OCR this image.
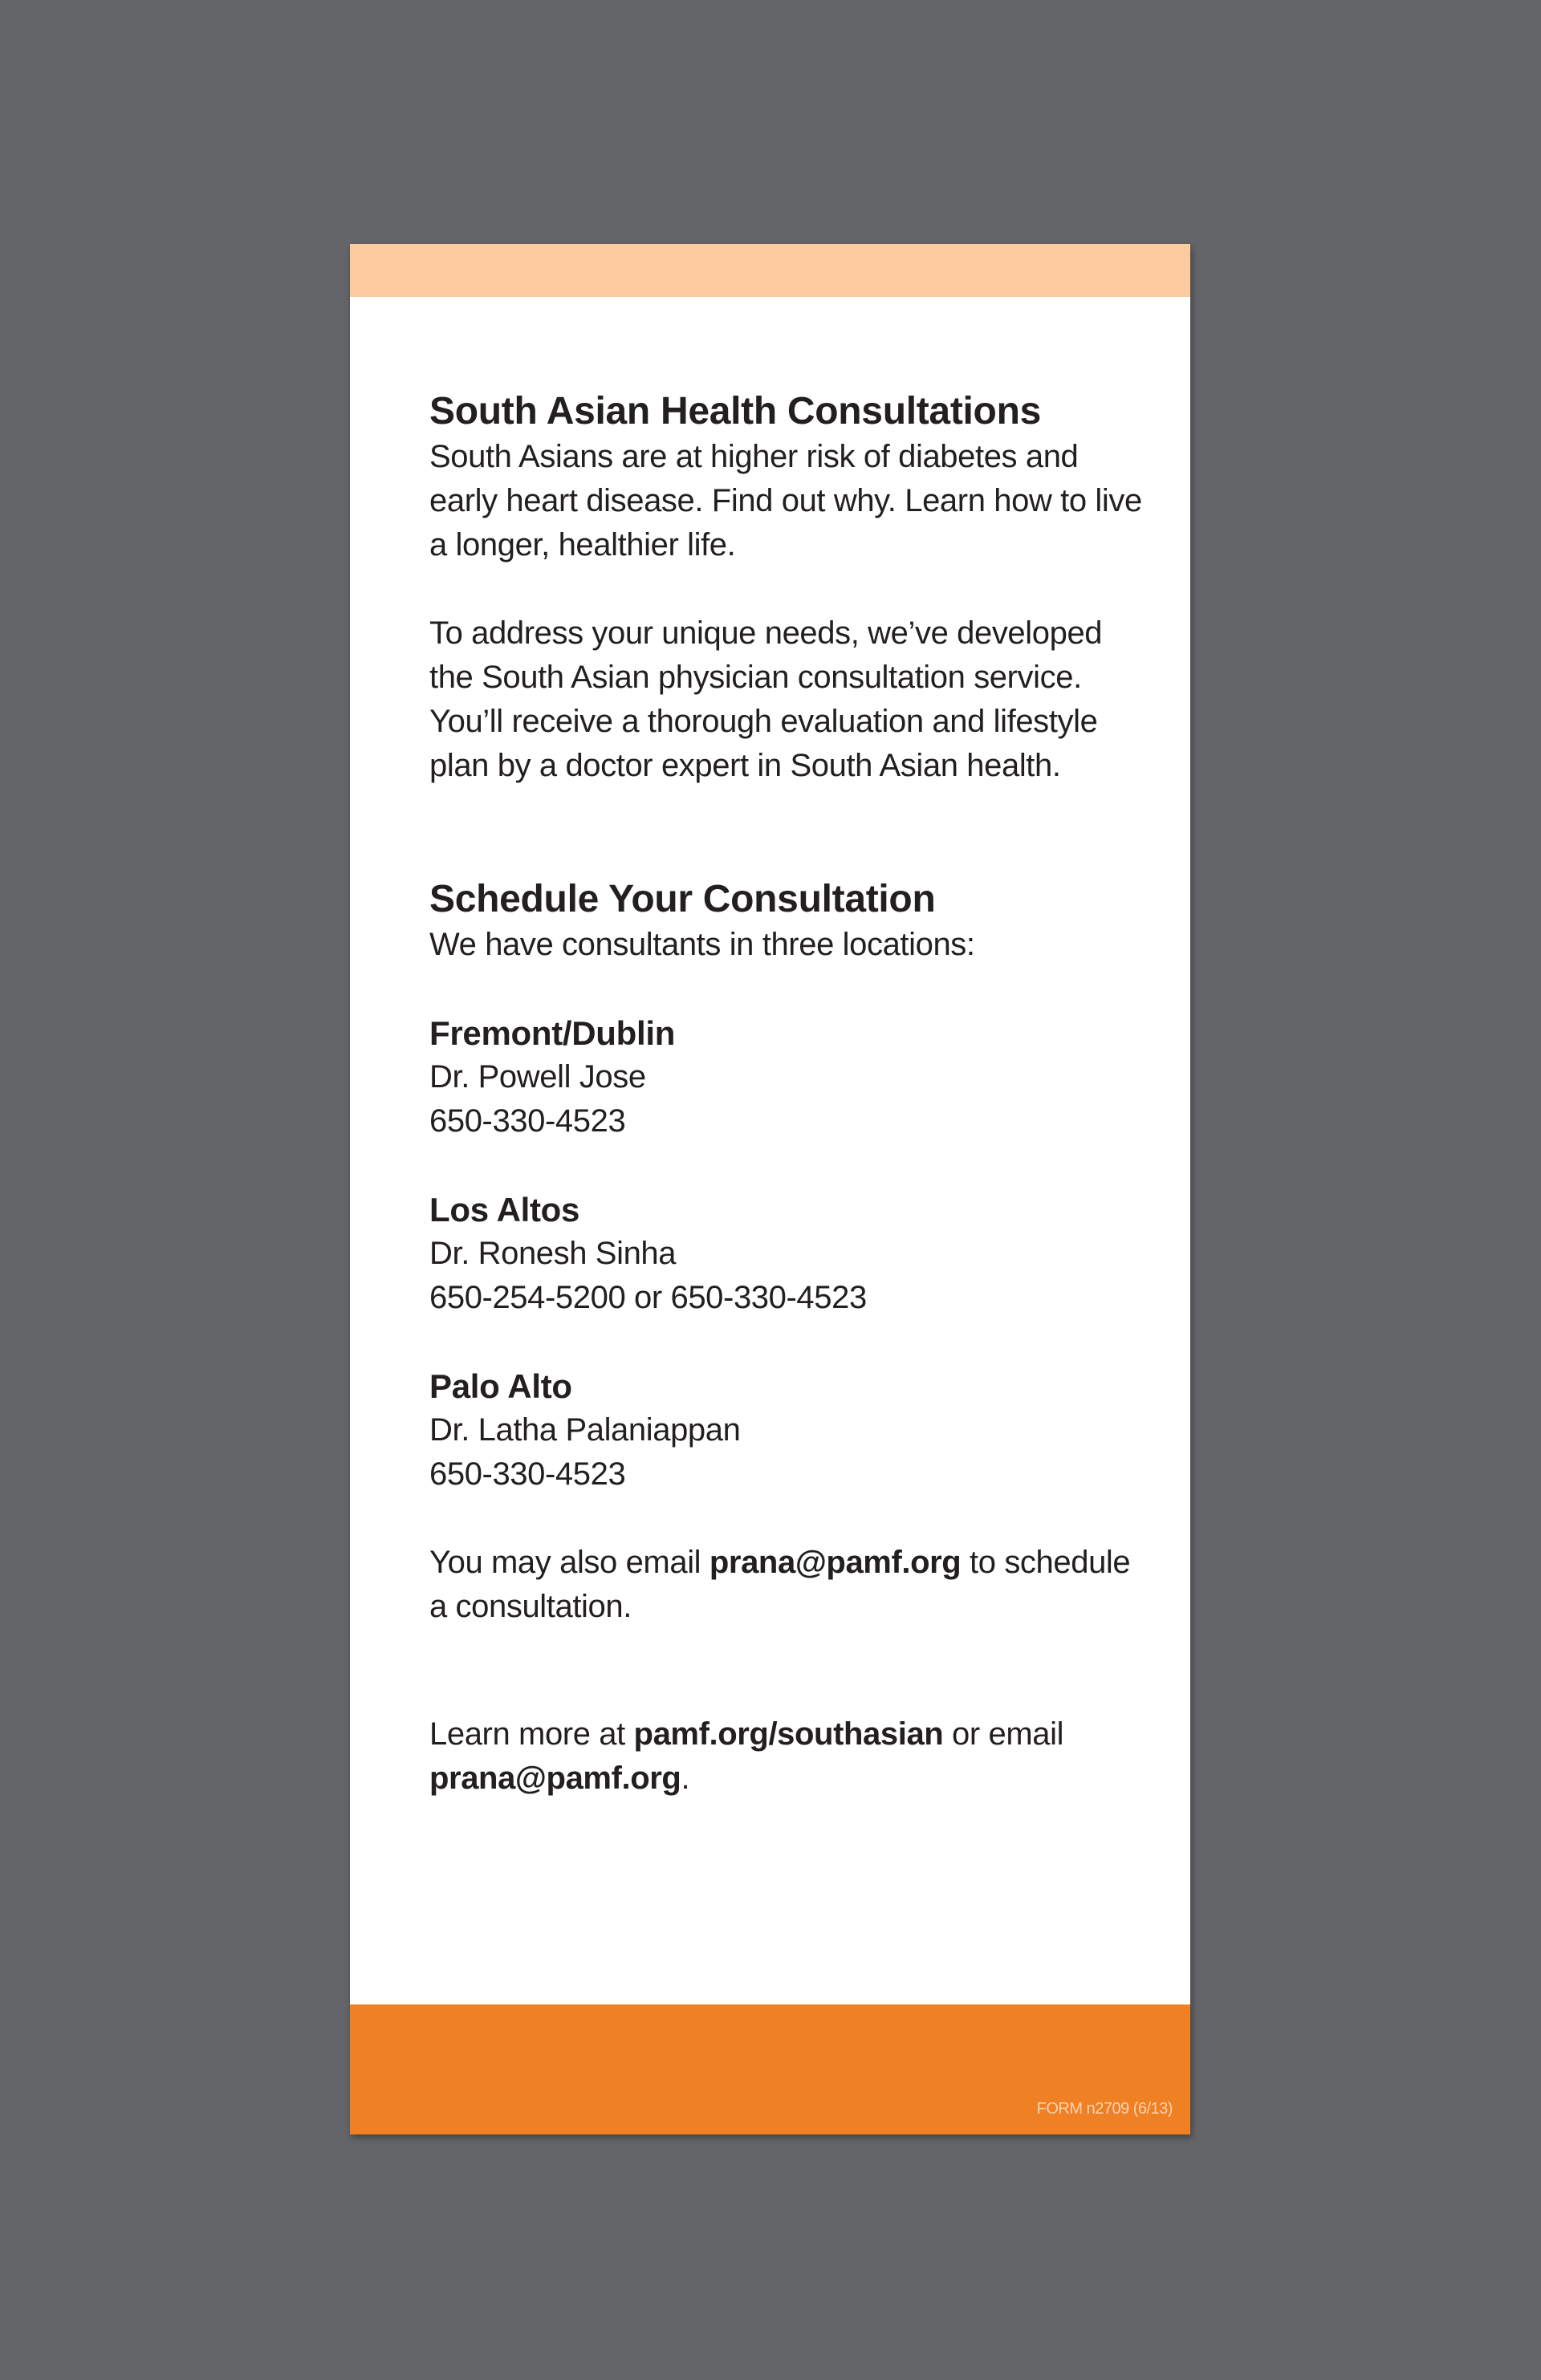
South Asian Health Consultations

South Asians are at higher risk of diabetes and early heart disease. Find out why. Learn how to live a longer, healthier life.

To address your unique needs, we’ve developed the South Asian physician consultation service. You’ll receive a thorough evaluation and lifestyle plan by a doctor expert in South Asian health.

Schedule Your Consultation

We have consultants in three locations:

Fremont/Dublin

Dr. Powell Jose

650-330-4523

Los Altos

Dr. Ronesh Sinha

650-254-5200 or 650-330-4523

Palo Alto

Dr. Latha Palaniappan

650-330-4523

You may also email prana@pamf.org to schedule a consultation.

Learn more at pamf.org/southasian or email prana@pamf.org.

FORM n2709 (6/13)
